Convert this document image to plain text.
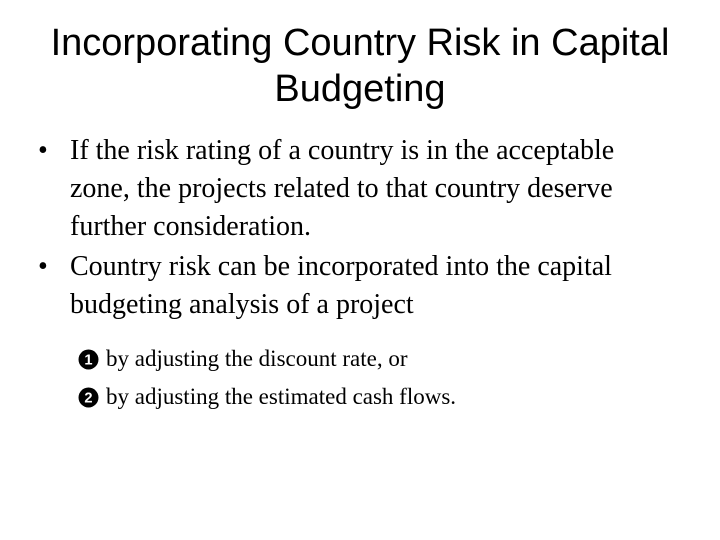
Incorporating Country Risk in Capital Budgeting
• If the risk rating of a country is in the acceptable zone, the projects related to that country deserve further consideration.
• Country risk can be incorporated into the capital budgeting analysis of a project
1 by adjusting the discount rate, or
2 by adjusting the estimated cash flows.
